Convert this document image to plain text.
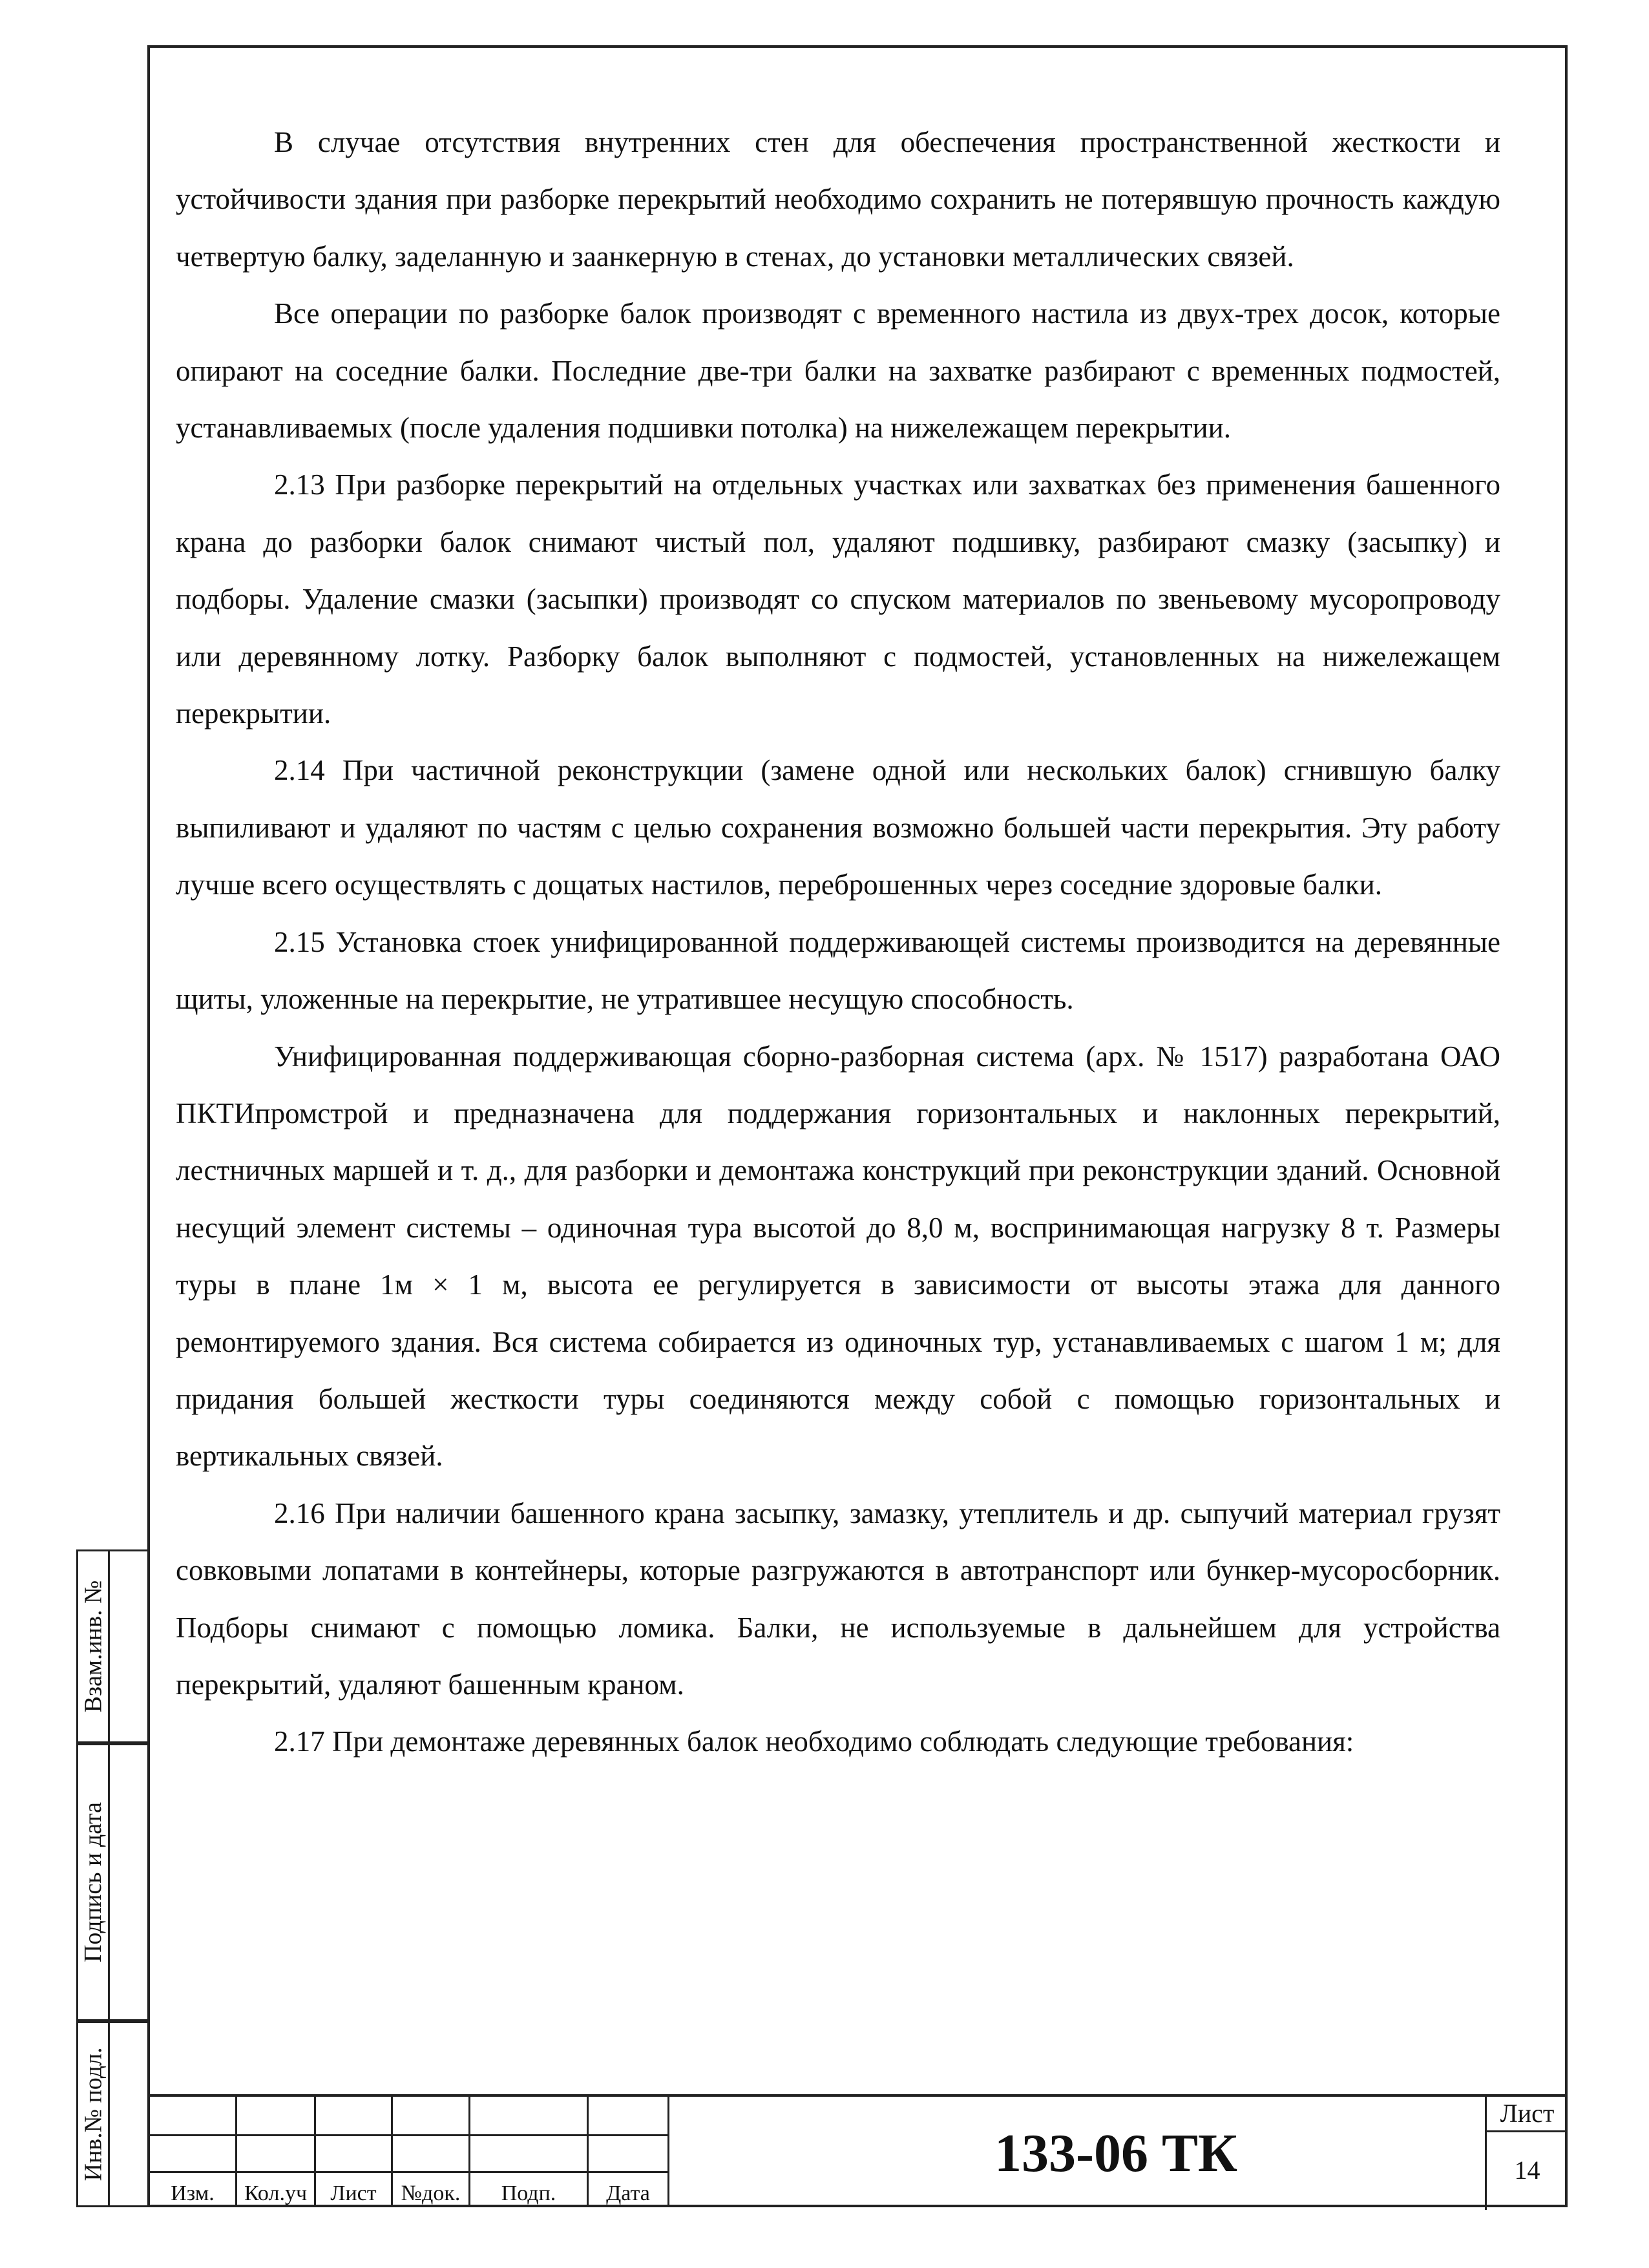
В случае отсутствия внутренних стен для обеспечения пространственной жесткости и устойчивости здания при разборке перекрытий необходимо сохранить не потерявшую прочность каждую четвертую балку, заделанную и заанкерную в стенах, до установки металлических связей.

Все операции по разборке балок производят с временного настила из двух-трех досок, которые опирают на соседние балки. Последние две-три балки на захватке разбирают с временных подмостей, устанавливаемых (после удаления подшивки потолка) на нижележащем перекрытии.

2.13 При разборке перекрытий на отдельных участках или захватках без применения башенного крана до разборки балок снимают чистый пол, удаляют подшивку, разбирают смазку (засыпку) и подборы. Удаление смазки (засыпки) производят со спуском материалов по звеньевому мусоропроводу или деревянному лотку. Разборку балок выполняют с подмостей, установленных на нижележащем перекрытии.

2.14 При частичной реконструкции (замене одной или нескольких балок) сгнившую балку выпиливают и удаляют по частям с целью сохранения возможно большей части перекрытия. Эту работу лучше всего осуществлять с дощатых настилов, переброшенных через соседние здоровые балки.

2.15 Установка стоек унифицированной поддерживающей системы производится на деревянные щиты, уложенные на перекрытие, не утратившее несущую способность.

Унифицированная поддерживающая сборно-разборная система (арх. № 1517) разработана ОАО ПКТИпромстрой и предназначена для поддержания горизонтальных и наклонных перекрытий, лестничных маршей и т. д., для разборки и демонтажа конструкций при реконструкции зданий. Основной несущий элемент системы – одиночная тура высотой до 8,0 м, воспринимающая нагрузку 8 т. Размеры туры в плане 1м × 1 м, высота ее регулируется в зависимости от высоты этажа для данного ремонтируемого здания. Вся система собирается из одиночных тур, устанавливаемых с шагом 1 м; для придания большей жесткости туры соединяются между собой с помощью горизонтальных и вертикальных связей.

2.16 При наличии башенного крана засыпку, замазку, утеплитель и др. сыпучий материал грузят совковыми лопатами в контейнеры, которые разгружаются в автотранспорт или бункер-мусоросборник. Подборы снимают с помощью ломика. Балки, не используемые в дальнейшем для устройства перекрытий, удаляют башенным краном.

2.17 При демонтаже деревянных балок необходимо соблюдать следующие требования:

Взам.инв. №
Подпись и дата
Инв.№ подл.
Изм.	Кол.уч	Лист	№док.	Подп.	Дата
133-06 ТК
Лист
14
